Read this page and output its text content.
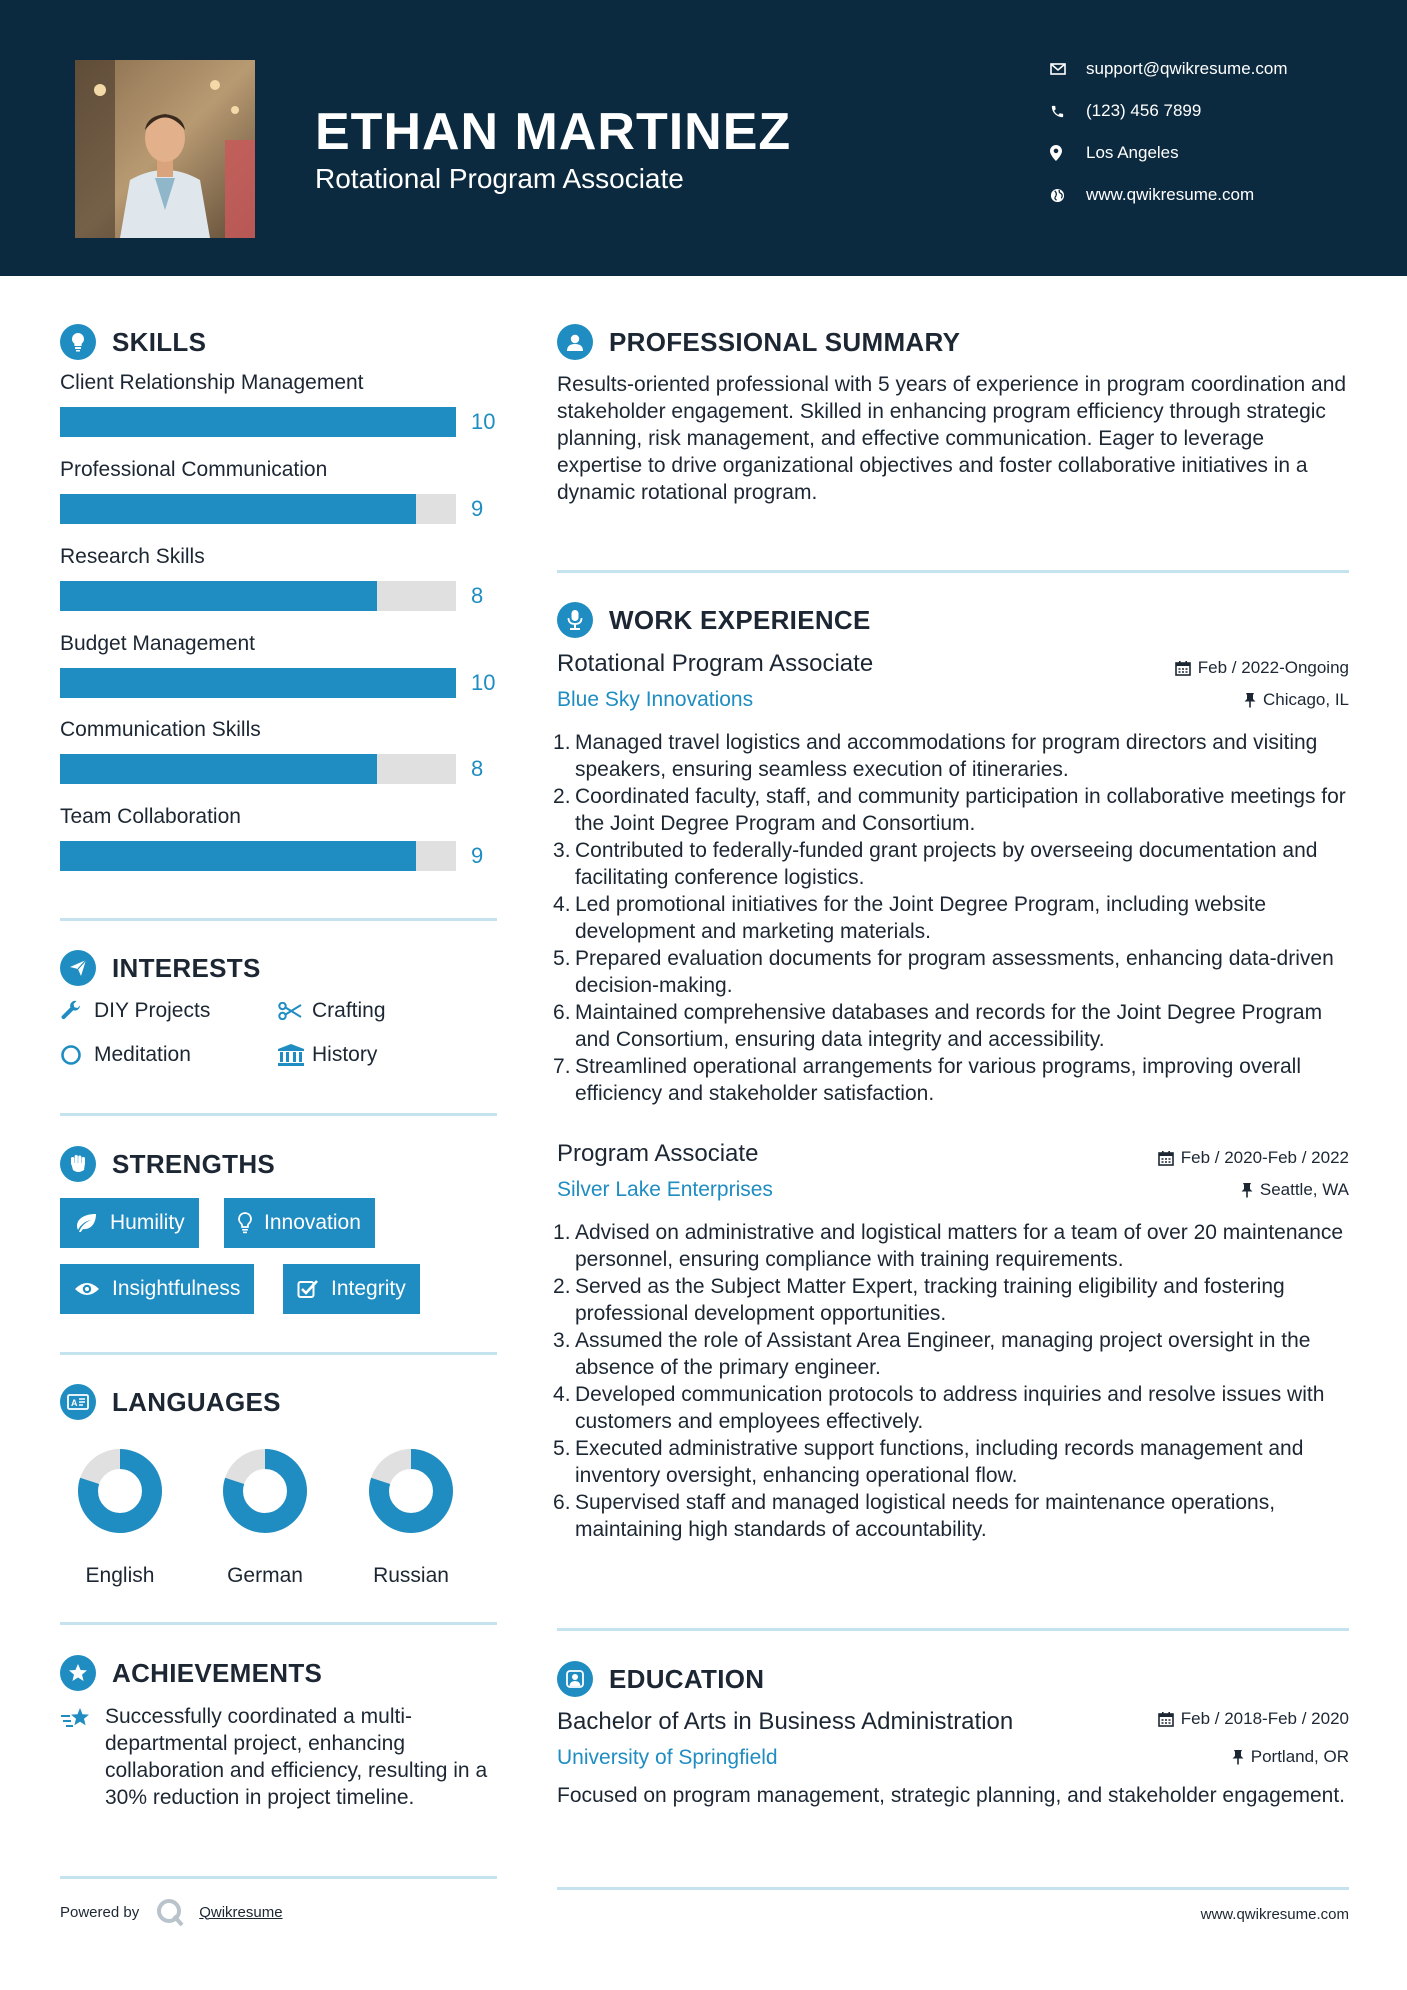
ETHAN MARTINEZ
Rotational Program Associate
support@qwikresume.com
(123) 456 7899
Los Angeles
www.qwikresume.com
SKILLS
Client Relationship Management
10
Professional Communication
9
Research Skills
8
Budget Management
10
Communication Skills
8
Team Collaboration
9
INTERESTS
DIY Projects	Crafting
Meditation	History
STRENGTHS
Humility	Innovation
Insightfulness	Integrity
A LANGUAGES
English	German	Russian
ACHIEVEMENTS
Successfully coordinated a multi-departmental project, enhancing collaboration and efficiency, resulting in a 30% reduction in project timeline.
PROFESSIONAL SUMMARY
Results-oriented professional with 5 years of experience in program coordination and stakeholder engagement. Skilled in enhancing program efficiency through strategic planning, risk management, and effective communication. Eager to leverage expertise to drive organizational objectives and foster collaborative initiatives in a dynamic rotational program.
WORK EXPERIENCE
Rotational Program Associate	Feb / 2022-Ongoing
Blue Sky Innovations	Chicago, IL
Managed travel logistics and accommodations for program directors and visiting speakers, ensuring seamless execution of itineraries.
Coordinated faculty, staff, and community participation in collaborative meetings for the Joint Degree Program and Consortium.
Contributed to federally-funded grant projects by overseeing documentation and facilitating conference logistics.
Led promotional initiatives for the Joint Degree Program, including website development and marketing materials.
Prepared evaluation documents for program assessments, enhancing data-driven decision-making.
Maintained comprehensive databases and records for the Joint Degree Program and Consortium, ensuring data integrity and accessibility.
Streamlined operational arrangements for various programs, improving overall efficiency and stakeholder satisfaction.
Program Associate	Feb / 2020-Feb / 2022
Silver Lake Enterprises	Seattle, WA
Advised on administrative and logistical matters for a team of over 20 maintenance personnel, ensuring compliance with training requirements.
Served as the Subject Matter Expert, tracking training eligibility and fostering professional development opportunities.
Assumed the role of Assistant Area Engineer, managing project oversight in the absence of the primary engineer.
Developed communication protocols to address inquiries and resolve issues with customers and employees effectively.
Executed administrative support functions, including records management and inventory oversight, enhancing operational flow.
Supervised staff and managed logistical needs for maintenance operations, maintaining high standards of accountability.
EDUCATION
Bachelor of Arts in Business Administration	Feb / 2018-Feb / 2020
University of Springfield	Portland, OR
Focused on program management, strategic planning, and stakeholder engagement.
Powered by	Qwikresume	www.qwikresume.com
